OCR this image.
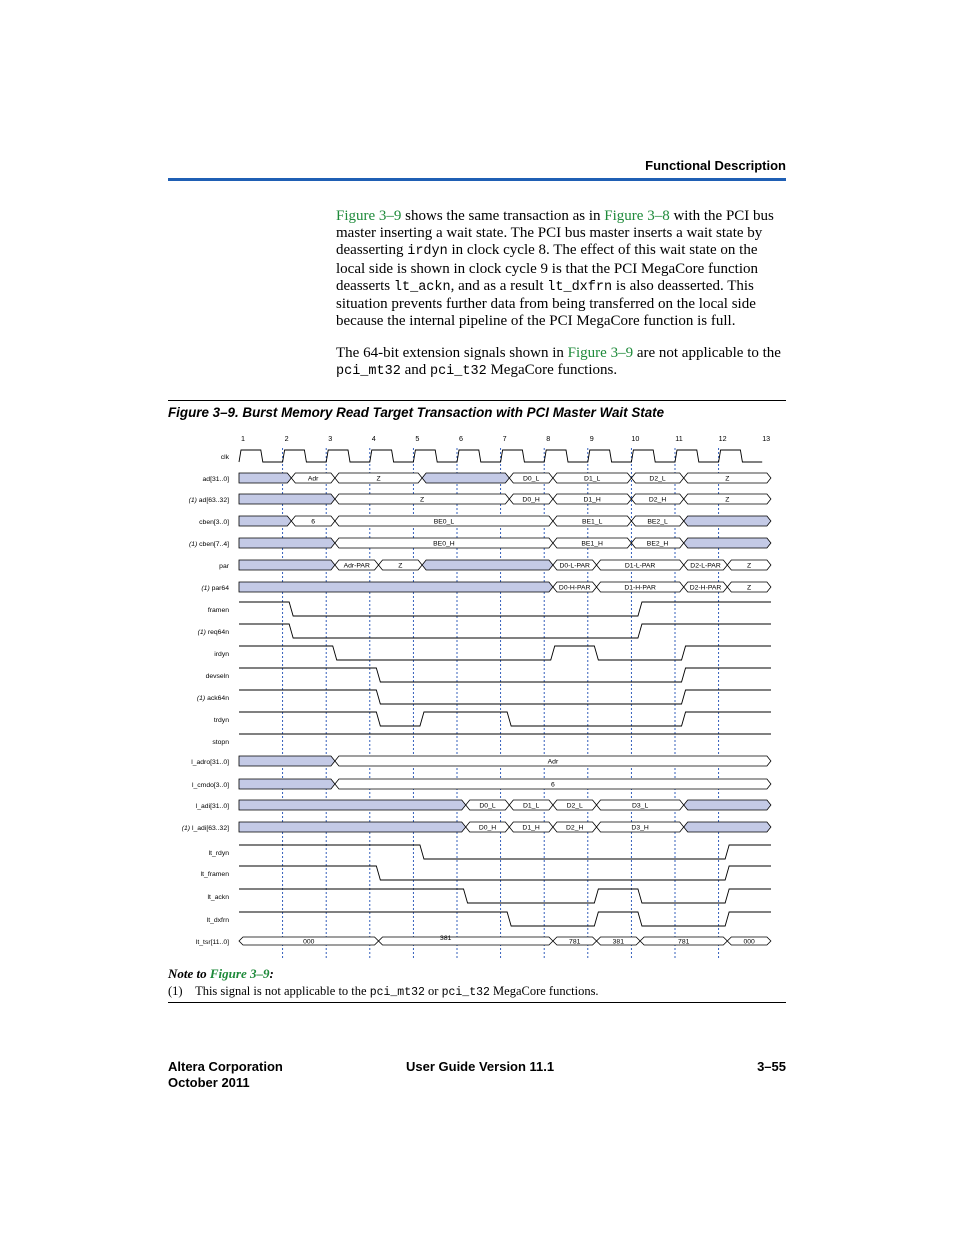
Functional Description
Figure 3–9 shows the same transaction as in Figure 3–8 with the PCI bus master inserting a wait state. The PCI bus master inserts a wait state by deasserting irdyn in clock cycle 8. The effect of this wait state on the local side is shown in clock cycle 9 is that the PCI MegaCore function deasserts lt_ackn, and as a result lt_dxfrn is also deasserted. This situation prevents further data from being transferred on the local side because the internal pipeline of the PCI MegaCore function is full.
The 64-bit extension signals shown in Figure 3–9 are not applicable to the pci_mt32 and pci_t32 MegaCore functions.
Figure 3–9. Burst Memory Read Target Transaction with PCI Master Wait State
1	2	3	4	5	6	7	8	9	10	11	12	13
clk
ad[31..0]
(1) ad[63..32]
cben[3..0]
(1) cben[7..4]
par
(1) par64
framen
(1) req64n
irdyn
devseln
(1) ack64n
trdyn
stopn
l_adro[31..0]
l_cmdo[3..0]
l_adi[31..0]
(1) l_adi[63..32]
lt_rdyn
lt_framen
lt_ackn
lt_dxfrn
lt_tsr[11..0]
Adr	Z	D0_L	D1_L	D2_L	Z
Z	D0_H	D1_H	D2_H	Z
6	BE0_L	BE1_L	BE2_L
BE0_H	BE1_H	BE2_H
Adr-PAR	Z	D0-L-PAR	D1-L-PAR	D2-L-PAR	Z
D0-H-PAR	D1-H-PAR	D2-H-PAR	Z
Adr
6
D0_L	D1_L	D2_L	D3_L
D0_H	D1_H	D2_H	D3_H
000	381	781	381	781	000
Note to Figure 3–9:
(1) This signal is not applicable to the pci_mt32 or pci_t32 MegaCore functions.
Altera Corporation
October 2011
User Guide Version 11.1	3–55
